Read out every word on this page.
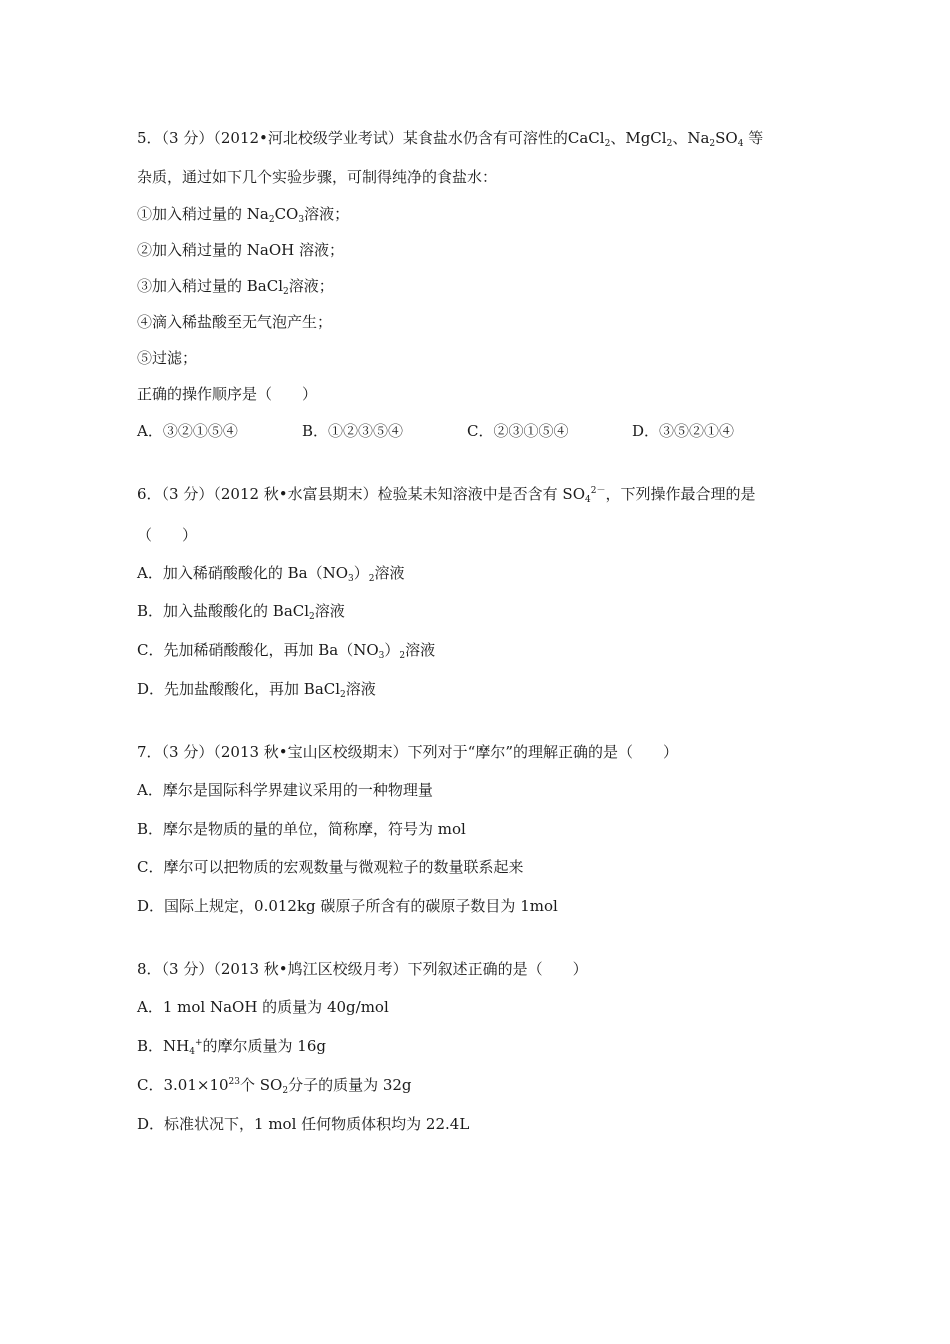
5．（3 分）（2012•河北校级学业考试）某食盐水仍含有可溶性的CaCl$_2$、MgCl$_2$、$Na_2SO_4$ 等
杂质，通过如下几个实验步骤，可制得纯净的食盐水：
①加入稍过量的 $Na_2CO_3$溶液；
②加入稍过量的 NaOH 溶液；
③加入稍过量的 BaCl$_2$溶液；
④滴入稀盐酸至无气泡产生；
⑤过滤；
正确的操作顺序是（　　）
A．③②①⑤④	B．①②③⑤④	C．②③①⑤④	D．③⑤②①④
6．（3 分）（2012 秋•水富县期末）检验某未知溶液中是否含有 $SO_4^{2-}$，下列操作最合理的是
（　　）
A．加入稀硝酸酸化的 $Ba(NO_3)_2$溶液
B．加入盐酸酸化的 BaCl$_2$溶液
C．先加稀硝酸酸化，再加 $Ba(NO_3)_2$溶液
D．先加盐酸酸化，再加 BaCl$_2$溶液
7．（3 分）（2013 秋•宝山区校级期末）下列对于“摩尔”的理解正确的是（　　）
A．摩尔是国际科学界建议采用的一种物理量
B．摩尔是物质的量的单位，简称摩，符号为 mol
C．摩尔可以把物质的宏观数量与微观粒子的数量联系起来
D．国际上规定，0.012kg 碳原子所含有的碳原子数目为 1mol
8．（3 分）（2013 秋•鸠江区校级月考）下列叙述正确的是（　　）
A．1 mol NaOH 的质量为 40g/mol
B．$NH_4^+$的摩尔质量为 16g
C．$3.01\times 10^{23}$个 $SO_2$分子的质量为 32g
D．标准状况下，1 mol 任何物质体积均为 22.4L
